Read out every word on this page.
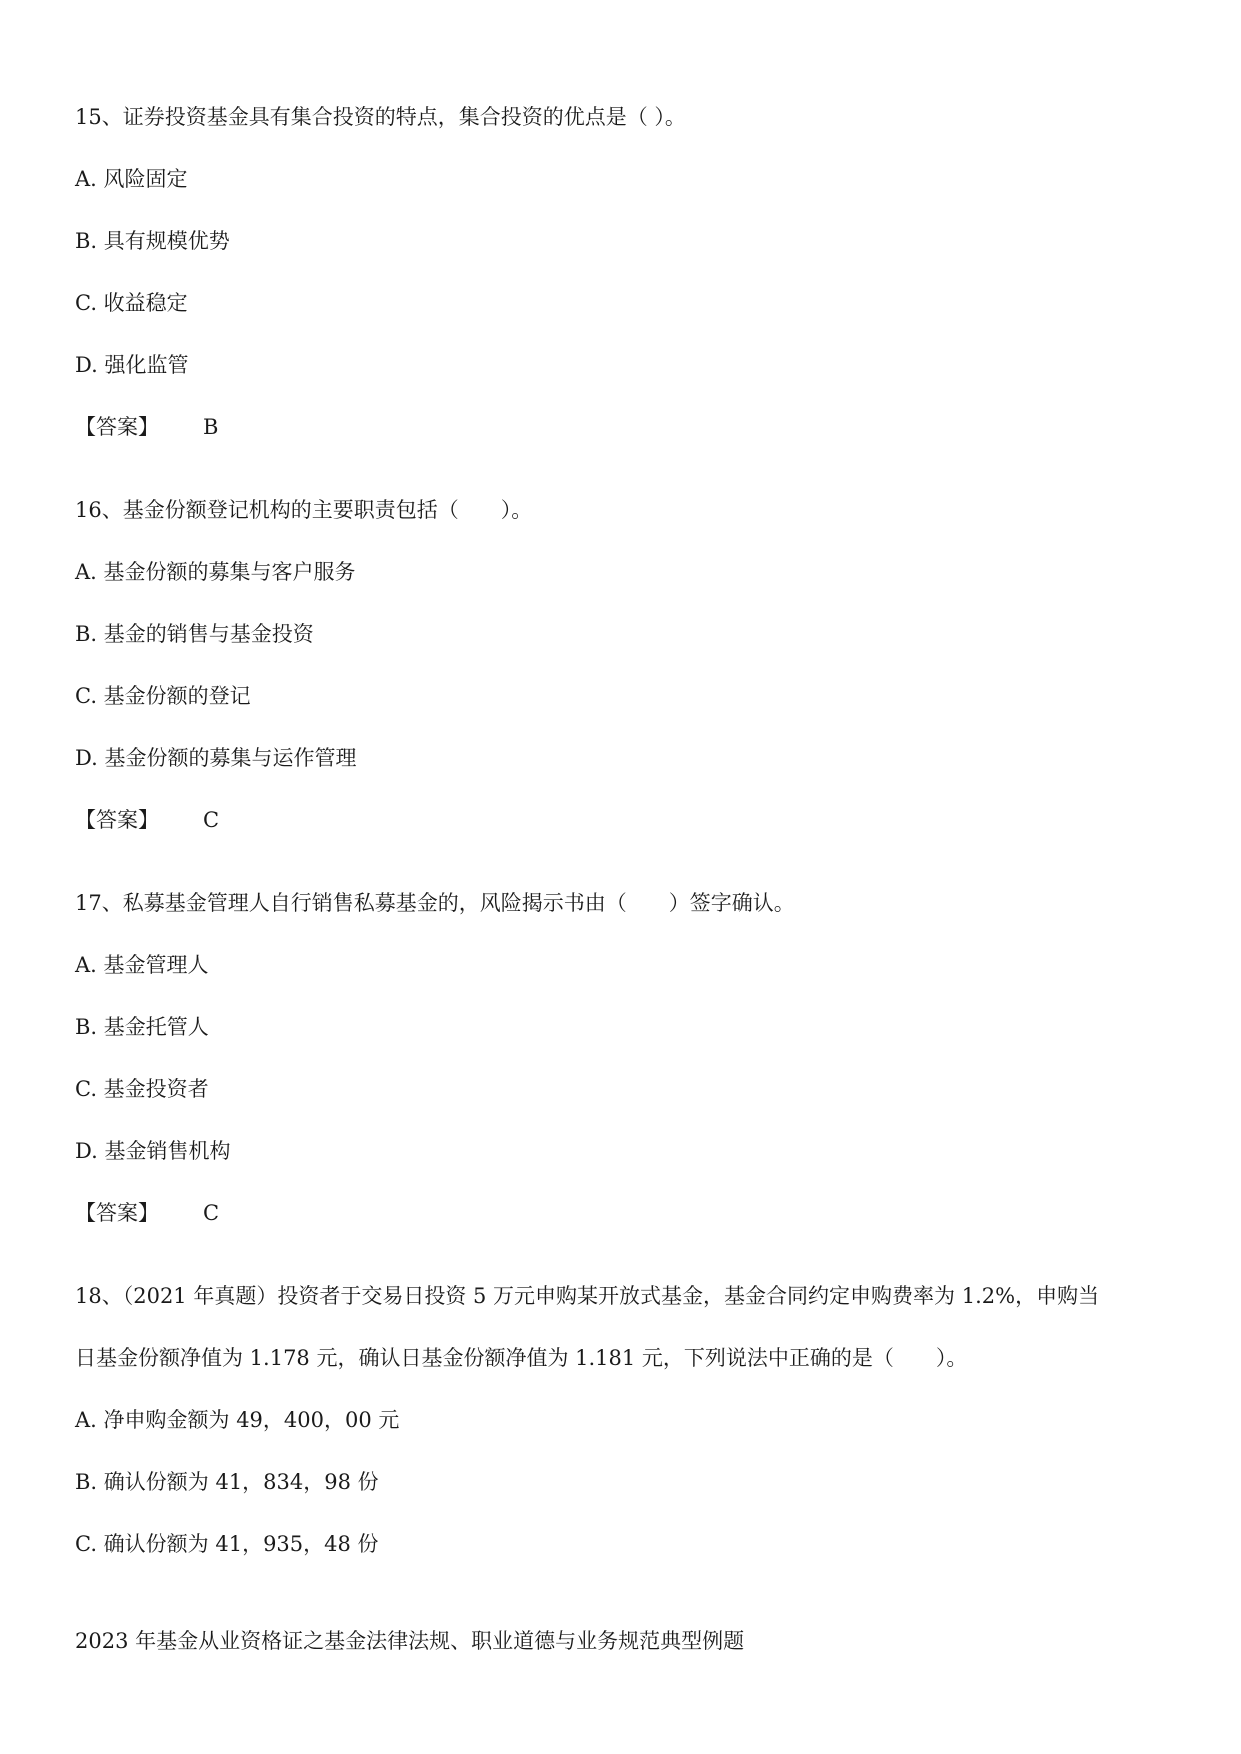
15、证券投资基金具有集合投资的特点，集合投资的优点是（ ）。
A. 风险固定
B. 具有规模优势
C. 收益稳定
D. 强化监管
【答案】 B
16、基金份额登记机构的主要职责包括（　　）。
A. 基金份额的募集与客户服务
B. 基金的销售与基金投资
C. 基金份额的登记
D. 基金份额的募集与运作管理
【答案】 C
17、私募基金管理人自行销售私募基金的，风险揭示书由（　　）签字确认。
A. 基金管理人
B. 基金托管人
C. 基金投资者
D. 基金销售机构
【答案】 C
18、（2021 年真题）投资者于交易日投资 5 万元申购某开放式基金，基金合同约定申购费率为 1.2%，申购当
日基金份额净值为 1.178 元，确认日基金份额净值为 1.181 元，下列说法中正确的是（　　）。
A. 净申购金额为 49，400，00 元
B. 确认份额为 41，834，98 份
C. 确认份额为 41，935，48 份
2023 年基金从业资格证之基金法律法规、职业道德与业务规范典型例题
